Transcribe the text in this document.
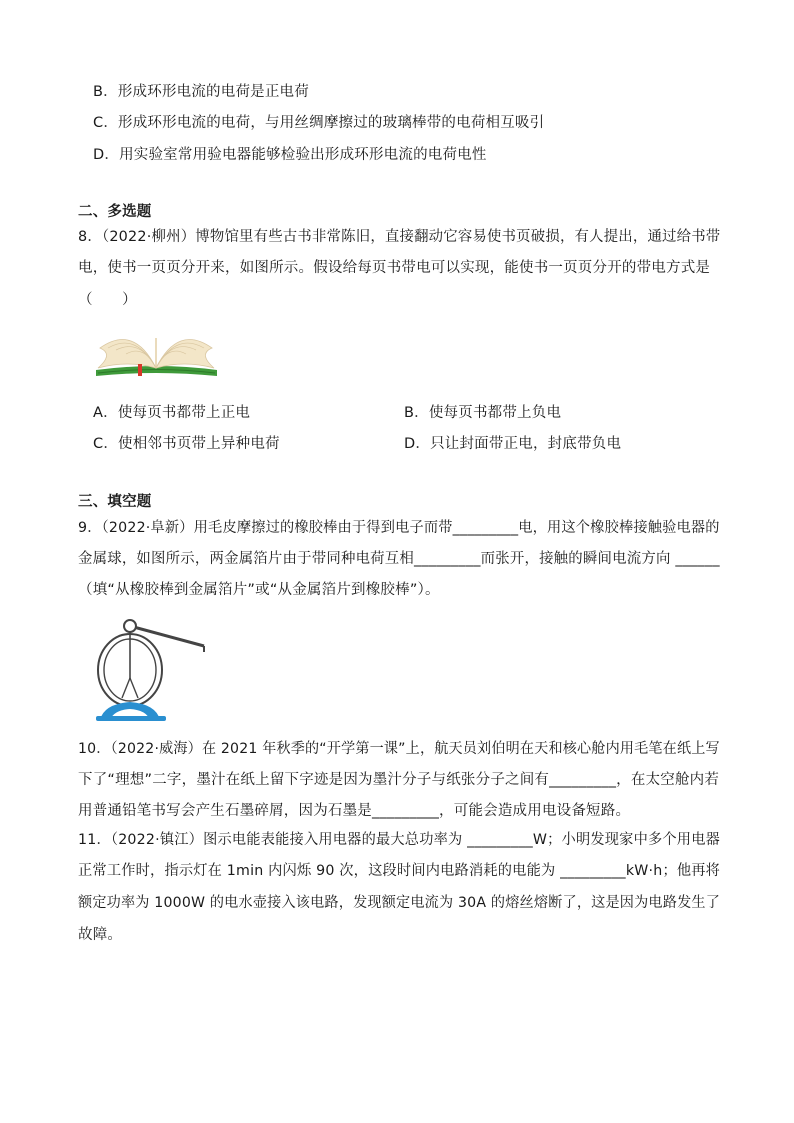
B．形成环形电流的电荷是正电荷
C．形成环形电流的电荷，与用丝绸摩擦过的玻璃棒带的电荷相互吸引
D．用实验室常用验电器能够检验出形成环形电流的电荷电性
二、多选题
8．（2022·柳州）博物馆里有些古书非常陈旧，直接翻动它容易使书页破损，有人提出，通过给书带
电，使书一页页分开来，如图所示。假设给每页书带电可以实现，能使书一页页分开的带电方式是
（　　）
A．使每页书都带上正电	B．使每页书都带上负电
C．使相邻书页带上异种电荷	D．只让封面带正电，封底带负电
三、填空题
9．（2022·阜新）用毛皮摩擦过的橡胶棒由于得到电子而带_________电，用这个橡胶棒接触验电器的
金属球，如图所示，两金属箔片由于带同种电荷互相_________而张开，接触的瞬间电流方向 ______
（填“从橡胶棒到金属箔片”或“从金属箔片到橡胶棒”）。
10．（2022·威海）在 2021 年秋季的“开学第一课”上，航天员刘伯明在天和核心舱内用毛笔在纸上写
下了“理想”二字，墨汁在纸上留下字迹是因为墨汁分子与纸张分子之间有_________，在太空舱内若
用普通铅笔书写会产生石墨碎屑，因为石墨是_________，可能会造成用电设备短路。
11．（2022·镇江）图示电能表能接入用电器的最大总功率为 _________W；小明发现家中多个用电器
正常工作时，指示灯在 1min 内闪烁 90 次，这段时间内电路消耗的电能为 _________kW·h；他再将
额定功率为 1000W 的电水壶接入该电路，发现额定电流为 30A 的熔丝熔断了，这是因为电路发生了
故障。
